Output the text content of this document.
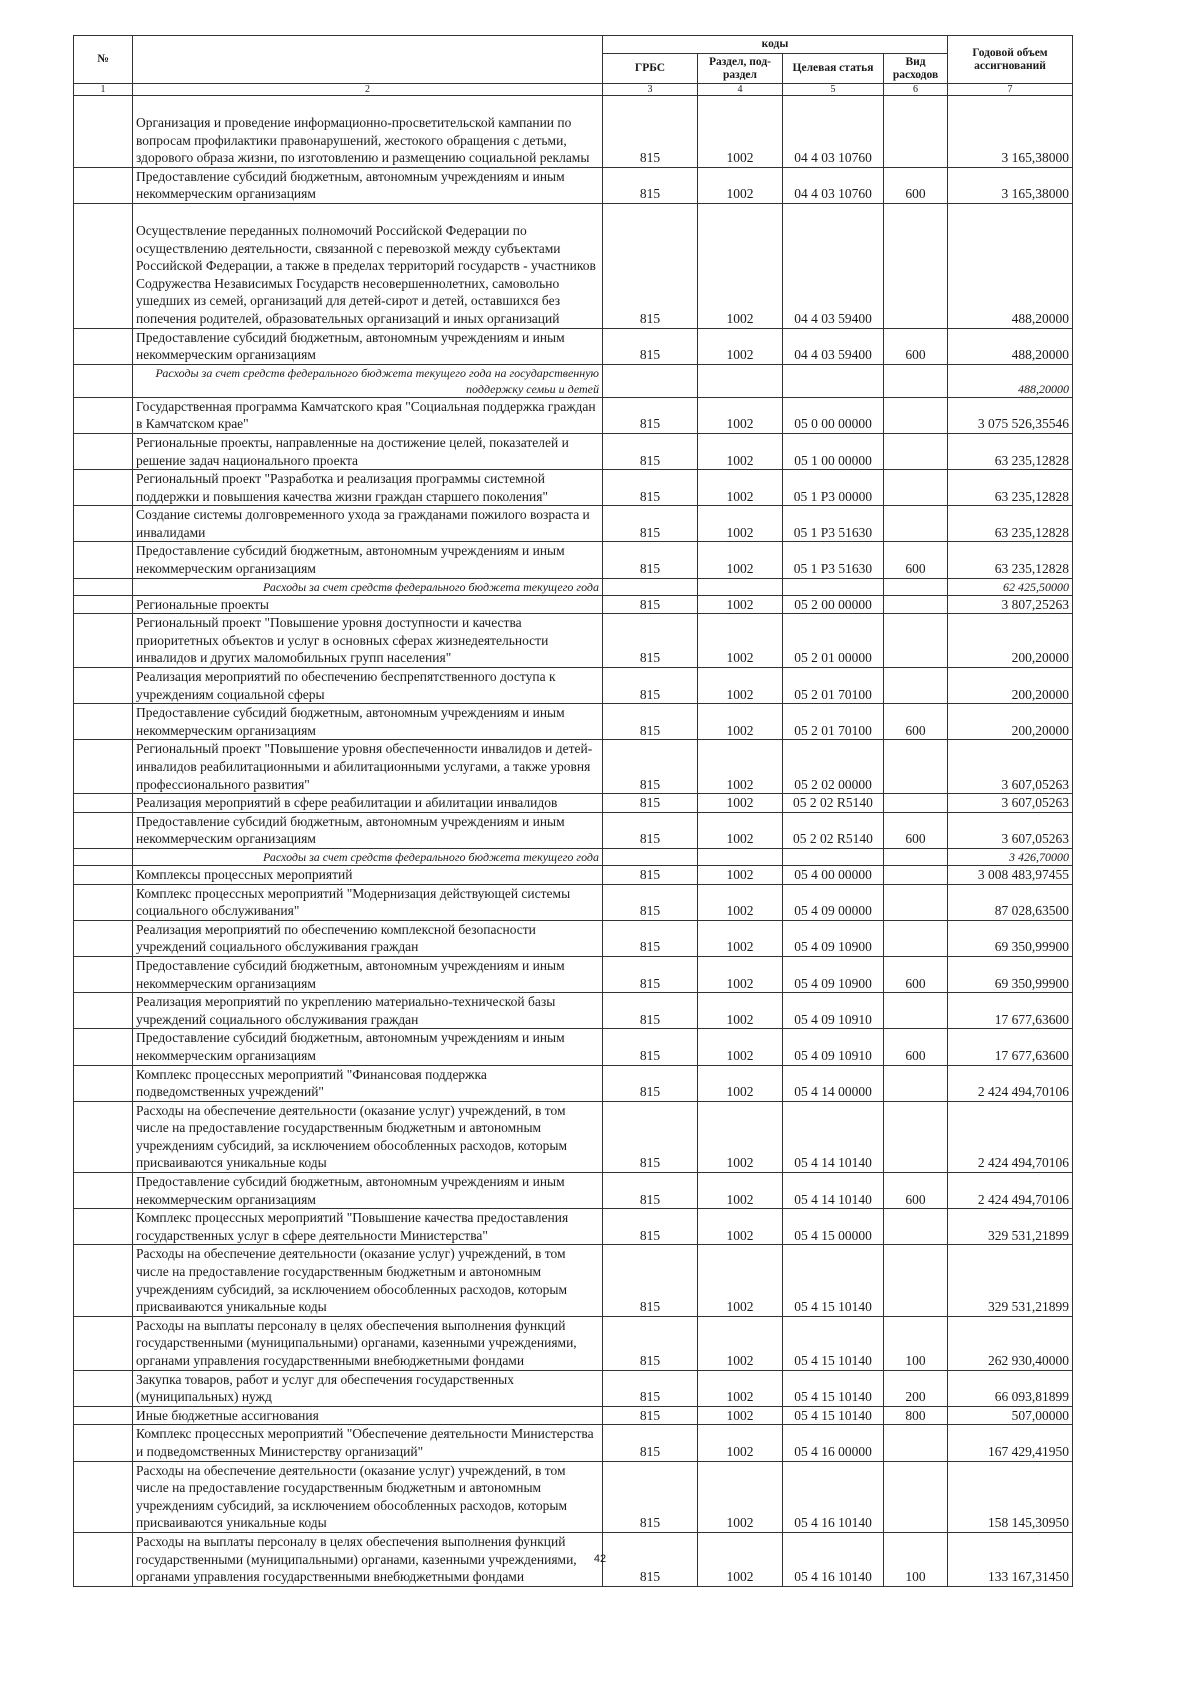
№		коды				Годовой объем ассигнований
		ГРБС	Раздел, под-раздел	Целевая статья	Вид расходов	
1	2	3	4	5	6	7
	Организация и проведение информационно-просветительской кампании по вопросам профилактики правонарушений, жестокого обращения с детьми, здорового образа жизни, по изготовлению и размещению социальной рекламы	815	1002	04 4 03 10760		3 165,38000
	Предоставление субсидий бюджетным, автономным учреждениям и иным некоммерческим организациям	815	1002	04 4 03 10760	600	3 165,38000
	Осуществление переданных полномочий Российской Федерации по осуществлению деятельности, связанной с перевозкой между субъектами Российской Федерации, а также в пределах территорий государств - участников Содружества Независимых Государств несовершеннолетних, самовольно ушедших из семей, организаций для детей-сирот и детей, оставшихся без попечения родителей, образовательных организаций и иных организаций	815	1002	04 4 03 59400		488,20000
	Предоставление субсидий бюджетным, автономным учреждениям и иным некоммерческим организациям	815	1002	04 4 03 59400	600	488,20000
	Расходы за счет средств федерального бюджета текущего года на государственную поддержку семьи и детей					488,20000
	Государственная программа Камчатского края "Социальная поддержка граждан в Камчатском крае"	815	1002	05 0 00 00000		3 075 526,35546
	Региональные проекты, направленные на достижение целей, показателей и решение задач национального проекта	815	1002	05 1 00 00000		63 235,12828
	Региональный проект "Разработка и реализация программы системной поддержки и повышения качества жизни граждан старшего поколения"	815	1002	05 1 P3 00000		63 235,12828
	Создание системы долговременного ухода за гражданами пожилого возраста и инвалидами	815	1002	05 1 P3 51630		63 235,12828
	Предоставление субсидий бюджетным, автономным учреждениям и иным некоммерческим организациям	815	1002	05 1 P3 51630	600	63 235,12828
	Расходы за счет средств федерального бюджета текущего года					62 425,50000
	Региональные проекты	815	1002	05 2 00 00000		3 807,25263
	Региональный проект "Повышение уровня доступности и качества приоритетных объектов и услуг в основных сферах жизнедеятельности инвалидов и других маломобильных групп населения"	815	1002	05 2 01 00000		200,20000
	Реализация мероприятий по обеспечению беспрепятственного доступа к учреждениям социальной сферы	815	1002	05 2 01 70100		200,20000
	Предоставление субсидий бюджетным, автономным учреждениям и иным некоммерческим организациям	815	1002	05 2 01 70100	600	200,20000
	Региональный проект "Повышение уровня обеспеченности инвалидов и детей-инвалидов реабилитационными и абилитационными услугами, а также уровня профессионального развития"	815	1002	05 2 02 00000		3 607,05263
	Реализация мероприятий в сфере реабилитации и абилитации инвалидов	815	1002	05 2 02 R5140		3 607,05263
	Предоставление субсидий бюджетным, автономным учреждениям и иным некоммерческим организациям	815	1002	05 2 02 R5140	600	3 607,05263
	Расходы за счет средств федерального бюджета текущего года					3 426,70000
	Комплексы процессных мероприятий	815	1002	05 4 00 00000		3 008 483,97455
	Комплекс процессных мероприятий "Модернизация действующей системы социального обслуживания"	815	1002	05 4 09 00000		87 028,63500
	Реализация мероприятий по обеспечению комплексной безопасности учреждений социального обслуживания граждан	815	1002	05 4 09 10900		69 350,99900
	Предоставление субсидий бюджетным, автономным учреждениям и иным некоммерческим организациям	815	1002	05 4 09 10900	600	69 350,99900
	Реализация мероприятий по укреплению материально-технической базы учреждений социального обслуживания граждан	815	1002	05 4 09 10910		17 677,63600
	Предоставление субсидий бюджетным, автономным учреждениям и иным некоммерческим организациям	815	1002	05 4 09 10910	600	17 677,63600
	Комплекс процессных мероприятий "Финансовая поддержка подведомственных учреждений"	815	1002	05 4 14 00000		2 424 494,70106
	Расходы на обеспечение деятельности (оказание услуг) учреждений, в том числе на предоставление государственным бюджетным и автономным учреждениям субсидий, за исключением обособленных расходов, которым присваиваются уникальные коды	815	1002	05 4 14 10140		2 424 494,70106
	Предоставление субсидий бюджетным, автономным учреждениям и иным некоммерческим организациям	815	1002	05 4 14 10140	600	2 424 494,70106
	Комплекс процессных мероприятий "Повышение качества предоставления государственных услуг в сфере деятельности Министерства"	815	1002	05 4 15 00000		329 531,21899
	Расходы на обеспечение деятельности (оказание услуг) учреждений, в том числе на предоставление государственным бюджетным и автономным учреждениям субсидий, за исключением обособленных расходов, которым присваиваются уникальные коды	815	1002	05 4 15 10140		329 531,21899
	Расходы на выплаты персоналу в целях обеспечения выполнения функций государственными (муниципальными) органами, казенными учреждениями, органами управления государственными внебюджетными фондами	815	1002	05 4 15 10140	100	262 930,40000
	Закупка товаров, работ и услуг для обеспечения государственных (муниципальных) нужд	815	1002	05 4 15 10140	200	66 093,81899
	Иные бюджетные ассигнования	815	1002	05 4 15 10140	800	507,00000
	Комплекс процессных мероприятий "Обеспечение деятельности Министерства и подведомственных Министерству организаций"	815	1002	05 4 16 00000		167 429,41950
	Расходы на обеспечение деятельности (оказание услуг) учреждений, в том числе на предоставление государственным бюджетным и автономным учреждениям субсидий, за исключением обособленных расходов, которым присваиваются уникальные коды	815	1002	05 4 16 10140		158 145,30950
	Расходы на выплаты персоналу в целях обеспечения выполнения функций государственными (муниципальными) органами, казенными учреждениями, органами управления государственными внебюджетными фондами	815	1002	05 4 16 10140	100	133 167,31450
42
